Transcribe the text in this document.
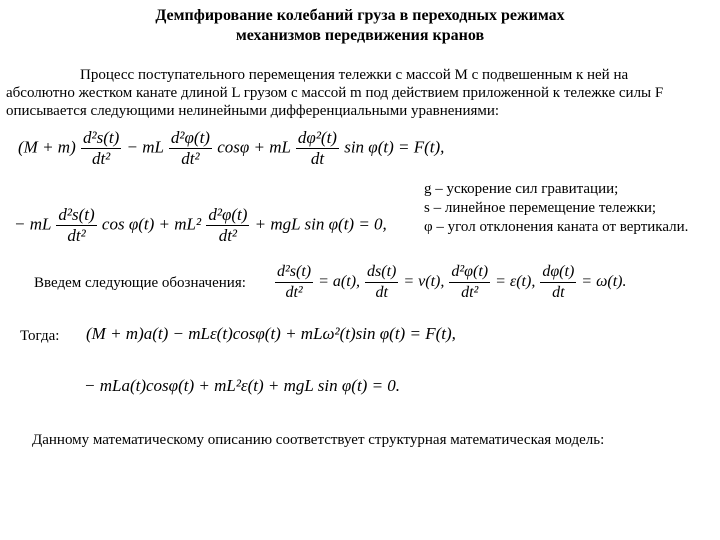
Демпфирование колебаний груза в переходных режимах
механизмов передвижения кранов
Процесс поступательного перемещения тележки с массой M с подвешенным к ней на
абсолютно жестком канате длиной L грузом с массой m под действием приложенной к тележке силы F
описывается следующими нелинейными дифференциальными уравнениями:
$(M + m) \frac{\text{d²s(t)}}{\text{dt²}}$ − mL $\frac{\text{d²φ(t)}}{\text{dt²}}$ cosφ + mL $\frac{\text{dφ²(t)}}{dt}$ sin φ(t) = F(t),
g – ускорение сил гравитации;
s – линейное перемещение тележки;
φ – угол отклонения каната от вертикали.
− mL $\frac{\text{d²s(t)}}{\text{dt²}}$ $\cos \varphi(t) + mL^2 \frac{\text{d²φ(t)}}{\text{dt²}}$ + mgL sin φ(t) = 0,
Введем следующие обозначения: $\frac{\text{d²s(t)}}{\text{dt²}} = a(t)$, $\frac{ds(t)}{dt} = v(t)$, $\frac{\text{d²φ(t)}}{\text{dt²}} = \varepsilon(t)$, $\frac{d\varphi(t)}{dt} = \omega(t)$.
Тогда: (M + m)a(t) − mLε(t)cosφ(t) + mLω²(t)sin φ(t) = F(t),
− mLa(t)cosφ(t) + mL²ε(t) + mgL sin φ(t) = 0.
Данному математическому описанию соответствует структурная математическая модель:
